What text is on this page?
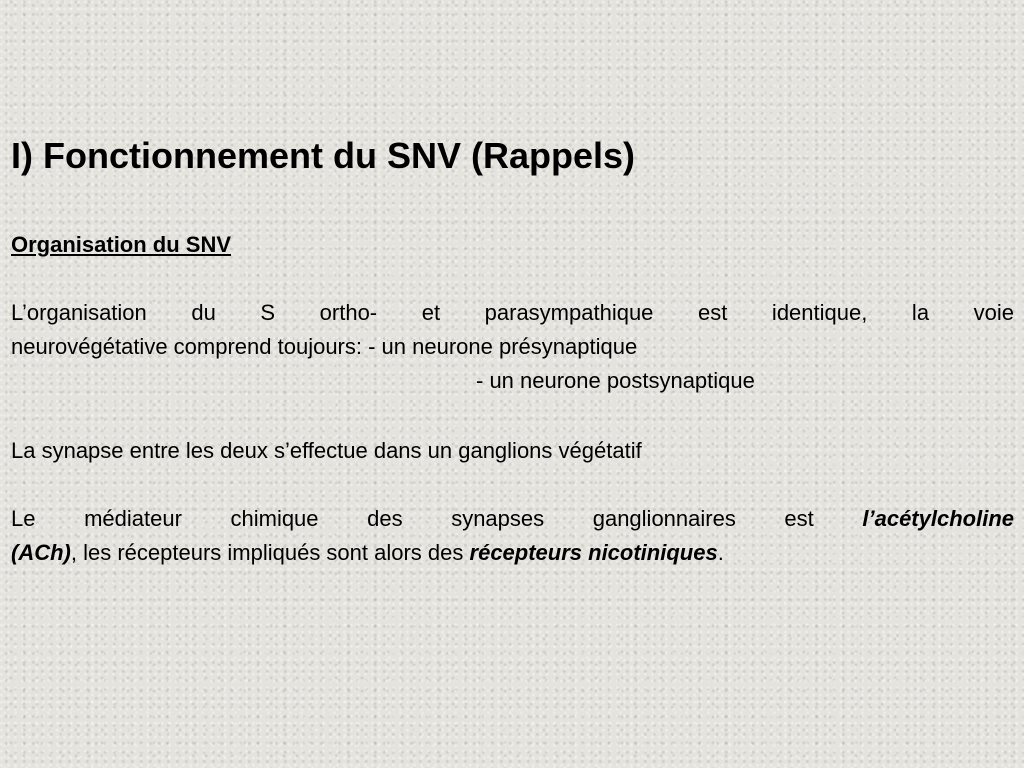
I) Fonctionnement du SNV (Rappels)
Organisation du SNV

L’organisation du S ortho- et parasympathique est identique, la voie

neurovégétative comprend toujours: - un neurone présynaptique

- un neurone postsynaptique

La synapse entre les deux s’effectue dans un ganglions végétatif

Le médiateur chimique des synapses ganglionnaires est l’acétylcholine
(ACh), les récepteurs impliqués sont alors des récepteurs nicotiniques.
